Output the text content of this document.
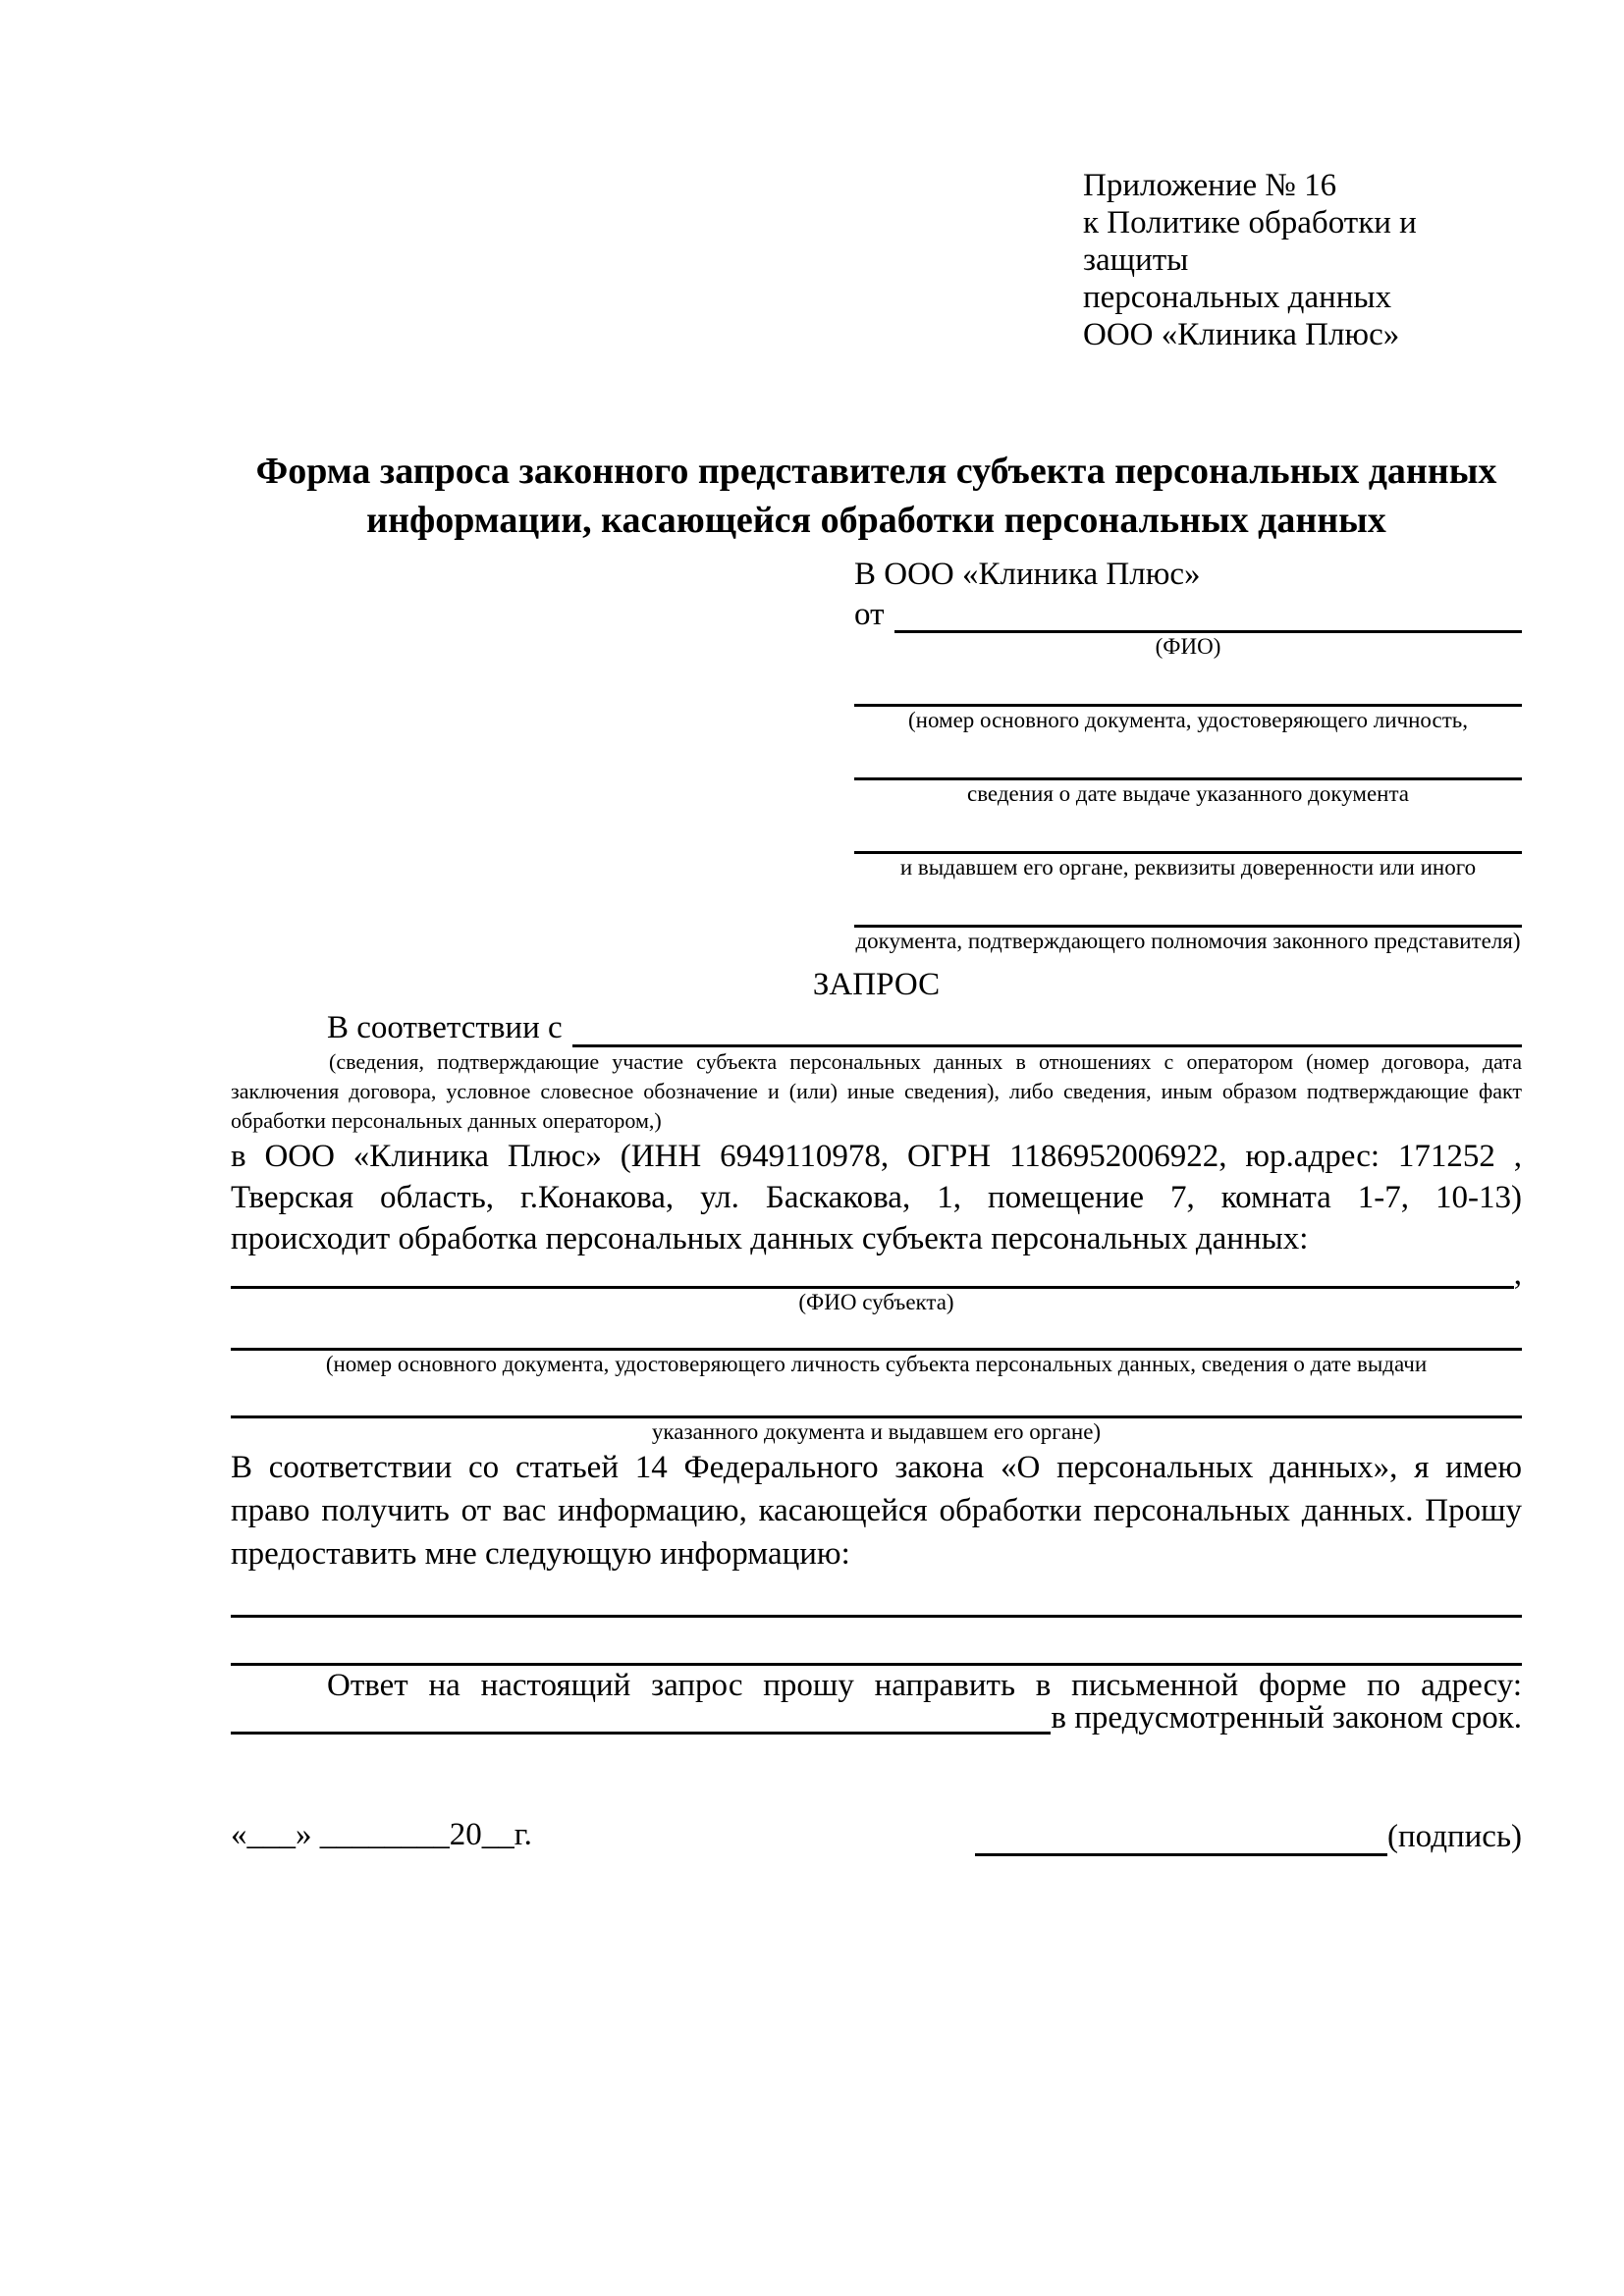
Приложение № 16
к Политике обработки и защиты
персональных данных
ООО «Клиника Плюс»
Форма запроса законного представителя субъекта персональных данных
информации, касающейся обработки персональных данных
В ООО «Клиника Плюс»
от
(ФИО)
(номер основного документа, удостоверяющего личность,
сведения о дате выдаче указанного документа
и выдавшем его органе, реквизиты доверенности или иного
документа, подтверждающего полномочия законного представителя)
ЗАПРОС
В соответствии с
(сведения, подтверждающие участие субъекта персональных данных в отношениях с оператором (номер договора, дата
заключения договора, условное словесное обозначение и (или) иные сведения), либо сведения, иным образом подтверждающие факт
обработки персональных данных оператором,)
в ООО «Клиника Плюс» (ИНН 6949110978, ОГРН 1186952006922, юр.адрес: 171252 ,
Тверская область, г.Конакова, ул. Баскакова, 1, помещение 7, комната 1-7, 10-13)
происходит обработка персональных данных субъекта персональных данных:
,
(ФИО субъекта)
(номер основного документа, удостоверяющего личность субъекта персональных данных, сведения о дате выдачи
указанного документа и выдавшем его органе)
В соответствии со статьей 14 Федерального закона «О персональных данных», я имею
право получить от вас информацию, касающейся обработки персональных данных. Прошу
предоставить мне следующую информацию:
Ответ на настоящий запрос прошу направить в письменной форме по адресу:
в предусмотренный законом срок.
«___» ________20__г.	(подпись)
